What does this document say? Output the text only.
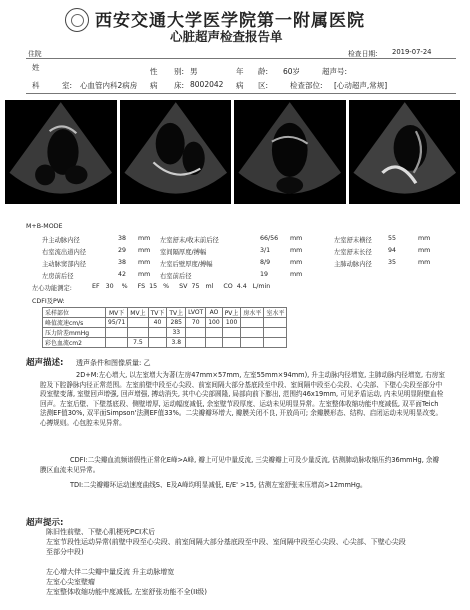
西安交通大学医学院第一附属医院
心脏超声检查报告单
住院	检查日期: 2019-07-24
姓	性 别: 男	年 龄: 60岁	超声号:
科	室: 心血管内科2病房 病 床: 8002042 病 区:	检查部位: [心动超声,常规]
M+B-MODE
升主动脉内径	38 mm 左室舒末/收末前后径	66/56 mm	左室舒末横径	55	mm
右室流出道内径	29 mm 室间隔厚度/搏幅	3/1	mm	左室舒末长径	94	mm
主动脉窦部内径	38 mm 左室后壁厚度/搏幅	8/9	mm	主肺动脉内径	35	mm
左房前后径	42 mm 右室前后径	19	mm
左心功能测定:	EF   30    %     FS  15   %     SV  75   ml     CO  4.4   L/min
CDFI及PW:
采样部位	MV下	MV上	TV下	TV上	LVOT	AO	PV上	房水平	室水平
峰值流速cm/s	95/71		40	285	70	100	100		
压力阶差mmHg				33					
彩色血流cm2		7.5		3.8					
超声描述: 透声条件和图像质量: 乙
2D+M:左心增大, 以左室增大为著(左房47mm×57mm, 左室55mm×94mm), 升主动脉内径增宽, 主肺动脉内径增宽, 右房室腔及下腔静脉内径正常范围。左室前壁中段至心尖段、前室间隔大部分基底段至中段、室间隔中段至心尖段、心尖部、下壁心尖段至部分中段室壁变薄, 室壁回声增强, 回声增强, 搏动消失, 其中心尖部圆隆, 局部向前下膨出, 范围约46x19mm, 可见矛盾运动, 内未见明显附壁血栓回声。左室后壁、下壁基底段、侧壁增厚, 运动幅度减低, 余室壁节段厚度、运动未见明显异常。左室整体收缩功能中度减低, 双平面Teich法测EF值30%, 双平面Simpson'法测EF值33%。二尖瓣瓣环增大, 瓣膜关闭不良, 开放尚可; 余瓣膜形态、结构、启闭运动未见明显改变。心搏规则。心包腔未见异常。
CDFI:二尖瓣血流频谱假性正常化E峰>A峰, 瓣上可见中量反流, 三尖瓣瓣上可及少量反流, 估测肺动脉收缩压约36mmHg, 余瓣膜区血流未见异常。
TDI:二尖瓣瓣环运动速度曲线S、E及A峰均明显减低, E/E' >15, 估测左室舒张末压增高>12mmHg。
超声提示:
陈旧性前壁、下壁心肌梗死PCI术后
左室节段性运动异常(前壁中段至心尖段、前室间隔大部分基底段至中段、室间隔中段至心尖段、心尖部、下壁心尖段至部分中段)
左心增大伴二尖瓣中量反流 升主动脉增宽
左室心尖室壁瘤
左室整体收缩功能中度减低, 左室舒张功能不全(II级)
